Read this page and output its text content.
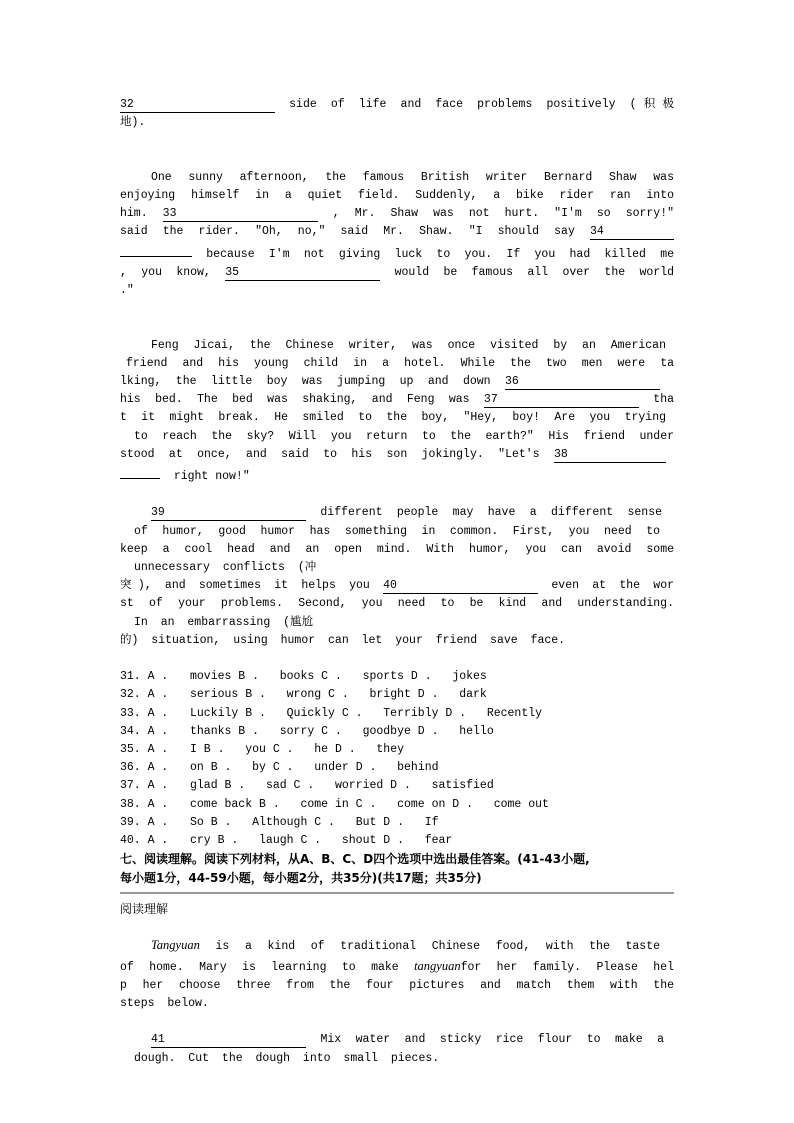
32	side of life and face problems positively (积极
地).
One sunny afternoon, the famous British writer Bernard Shaw was
enjoying himself in a quiet field. Suddenly, a bike rider ran into
him. 33	, Mr. Shaw was not hurt. "I'm so sorry!"
said the rider. "Oh, no," said Mr. Shaw. "I should say 34
because I'm not giving luck to you. If you had killed me
, you know, 35	would be famous all over the world
."
Feng Jicai, the Chinese writer, was once visited by an American
friend and his young child in a hotel. While the two men were ta
lking, the little boy was jumping up and down 36
his bed. The bed was shaking, and Feng was 37	tha
t it might break. He smiled to the boy, "Hey, boy! Are you trying
to reach the sky? Will you return to the earth?" His friend under
stood at once, and said to his son jokingly. "Let's 38
right now!"
39	different people may have a different sense
of humor, good humor has something in common. First, you need to
keep a cool head and an open mind. With humor, you can avoid some
unnecessary conflicts (冲
突), and sometimes it helps you 40	even at the wor
st of your problems. Second, you need to be kind and understanding.
In an embarrassing (尴尬
的) situation, using humor can let your friend save face.
31. A . movies B . books C . sports D . jokes
32. A . serious B . wrong C . bright D . dark
33. A . Luckily B . Quickly C . Terribly D . Recently
34. A . thanks B . sorry C . goodbye D . hello
35. A . I B . you C . he D . they
36. A . on B . by C . under D . behind
37. A . glad B . sad C . worried D . satisfied
38. A . come back B . come in C . come on D . come out
39. A . So B . Although C . But D . If
40. A . cry B . laugh C . shout D . fear
七、阅读理解。阅读下列材料，从A、B、C、D四个选项中选出最佳答案。(41-43小题,
每小题1分，44-59小题，每小题2分，共35分)(共17题；共35分)
阅读理解
Tangyuan is a kind of traditional Chinese food, with the taste
of home. Mary is learning to make tangyuanfor her family. Please hel
p her choose three from the four pictures and match them with the
steps below.
41	Mix water and sticky rice flour to make a
dough. Cut the dough into small pieces.
